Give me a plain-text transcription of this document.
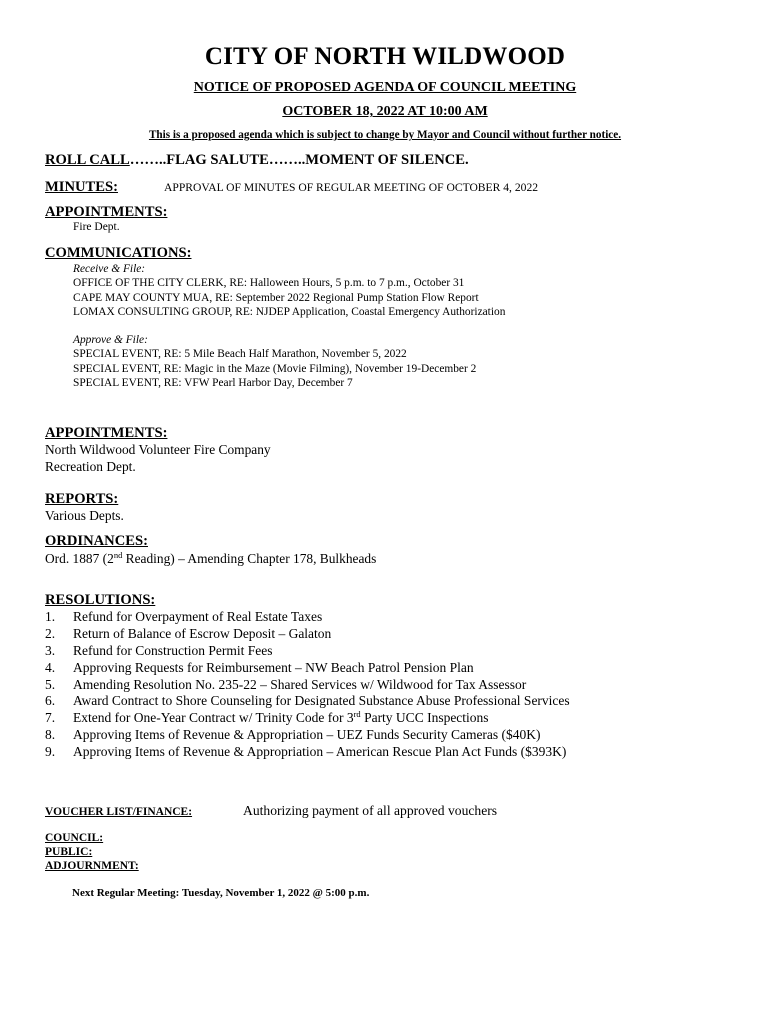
CITY OF NORTH WILDWOOD
NOTICE OF PROPOSED AGENDA OF COUNCIL MEETING
OCTOBER 18, 2022 AT 10:00 AM
This is a proposed agenda which is subject to change by Mayor and Council without further notice.
ROLL CALL……..FLAG SALUTE……..MOMENT OF SILENCE.
MINUTES:	APPROVAL OF MINUTES OF REGULAR MEETING OF OCTOBER 4, 2022
APPOINTMENTS:
Fire Dept.
COMMUNICATIONS:
Receive & File:
OFFICE OF THE CITY CLERK, RE: Halloween Hours, 5 p.m. to 7 p.m., October 31
CAPE MAY COUNTY MUA, RE: September 2022 Regional Pump Station Flow Report
LOMAX CONSULTING GROUP, RE: NJDEP Application, Coastal Emergency Authorization
Approve & File:
SPECIAL EVENT, RE: 5 Mile Beach Half Marathon, November 5, 2022
SPECIAL EVENT, RE: Magic in the Maze (Movie Filming), November 19-December 2
SPECIAL EVENT, RE: VFW Pearl Harbor Day, December 7
APPOINTMENTS:
North Wildwood Volunteer Fire Company
Recreation Dept.
REPORTS:
Various Depts.
ORDINANCES:
Ord. 1887 (2nd Reading) – Amending Chapter 178, Bulkheads
RESOLUTIONS:
1.	Refund for Overpayment of Real Estate Taxes
2.	Return of Balance of Escrow Deposit – Galaton
3.	Refund for Construction Permit Fees
4.	Approving Requests for Reimbursement – NW Beach Patrol Pension Plan
5.	Amending Resolution No. 235-22 – Shared Services w/ Wildwood for Tax Assessor
6.	Award Contract to Shore Counseling for Designated Substance Abuse Professional Services
7.	Extend for One-Year Contract w/ Trinity Code for 3rd Party UCC Inspections
8.	Approving Items of Revenue & Appropriation – UEZ Funds Security Cameras ($40K)
9.	Approving Items of Revenue & Appropriation – American Rescue Plan Act Funds ($393K)
VOUCHER LIST/FINANCE:	Authorizing payment of all approved vouchers
COUNCIL:
PUBLIC:
ADJOURNMENT:
Next Regular Meeting: Tuesday, November 1, 2022 @ 5:00 p.m.
